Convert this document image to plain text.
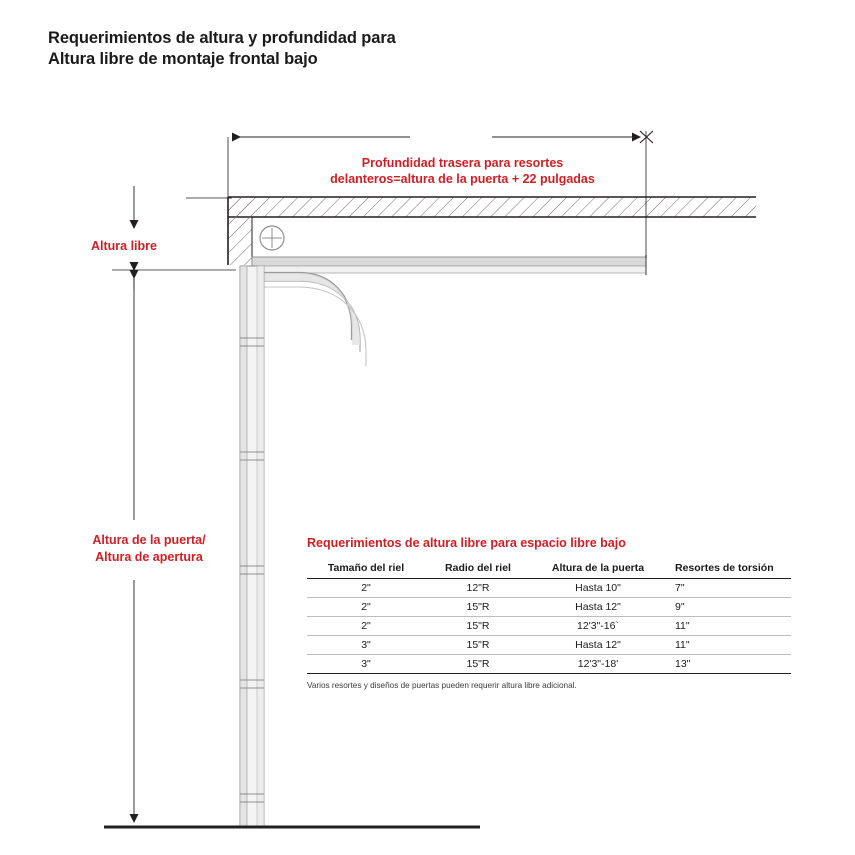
Requerimientos de altura y profundidad para
Altura libre de montaje frontal bajo
Profundidad trasera para resortes
delanteros=altura de la puerta + 22 pulgadas
Altura libre
Altura de la puerta/
Altura de apertura
Requerimientos de altura libre para espacio libre bajo
Tamaño del riel	Radio del riel	Altura de la puerta	Resortes de torsión
2"	12"R	Hasta 10"	7"
2"	15"R	Hasta 12"	9"
2"	15"R	12'3"-16`	11"
3"	15"R	Hasta 12"	11"
3"	15"R	12'3"-18'	13"
Varios resortes y diseños de puertas pueden requerir altura libre adicional.
